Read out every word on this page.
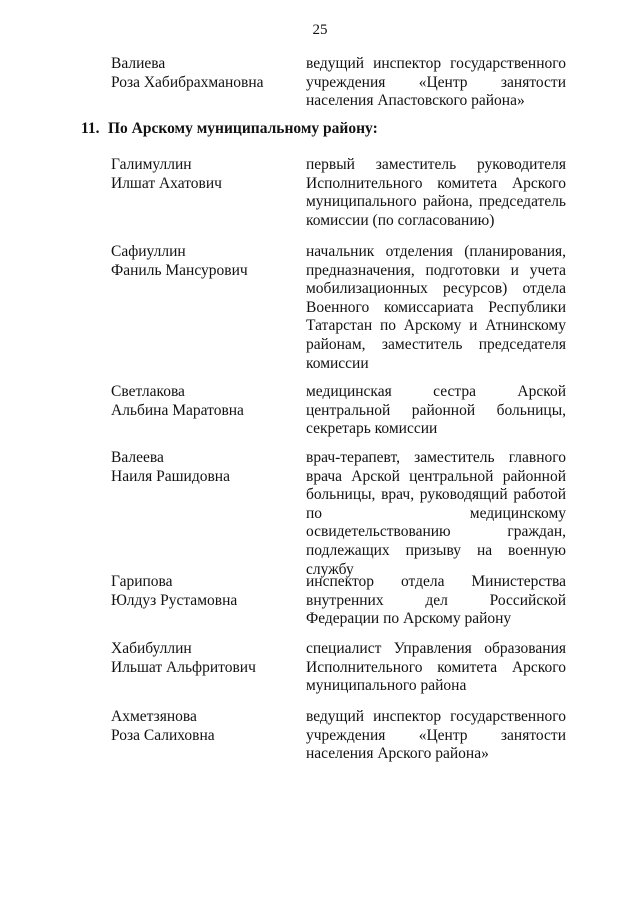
25
Валиева
Роза Хабибрахмановна
ведущий инспектор государственного учреждения «Центр занятости населения Апастовского района»
11. По Арскому муниципальному району:
Галимуллин
Илшат Ахатович
первый заместитель руководителя Исполнительного комитета Арского муниципального района, председатель комиссии (по согласованию)
Сафиуллин
Фаниль Мансурович
начальник отделения (планирования, предназначения, подготовки и учета мобилизационных ресурсов) отдела Военного комиссариата Республики Татарстан по Арскому и Атнинскому районам, заместитель председателя комиссии
Светлакова
Альбина Маратовна
медицинская сестра Арской центральной районной больницы, секретарь комиссии
Валеева
Наиля Рашидовна
врач-терапевт, заместитель главного врача Арской центральной районной больницы, врач, руководящий работой по медицинскому освидетельствованию граждан, подлежащих призыву на военную службу
Гарипова
Юлдуз Рустамовна
инспектор отдела Министерства внутренних дел Российской Федерации по Арскому району
Хабибуллин
Ильшат Альфритович
специалист Управления образования Исполнительного комитета Арского муниципального района
Ахметзянова
Роза Салиховна
ведущий инспектор государственного учреждения «Центр занятости населения Арского района»
